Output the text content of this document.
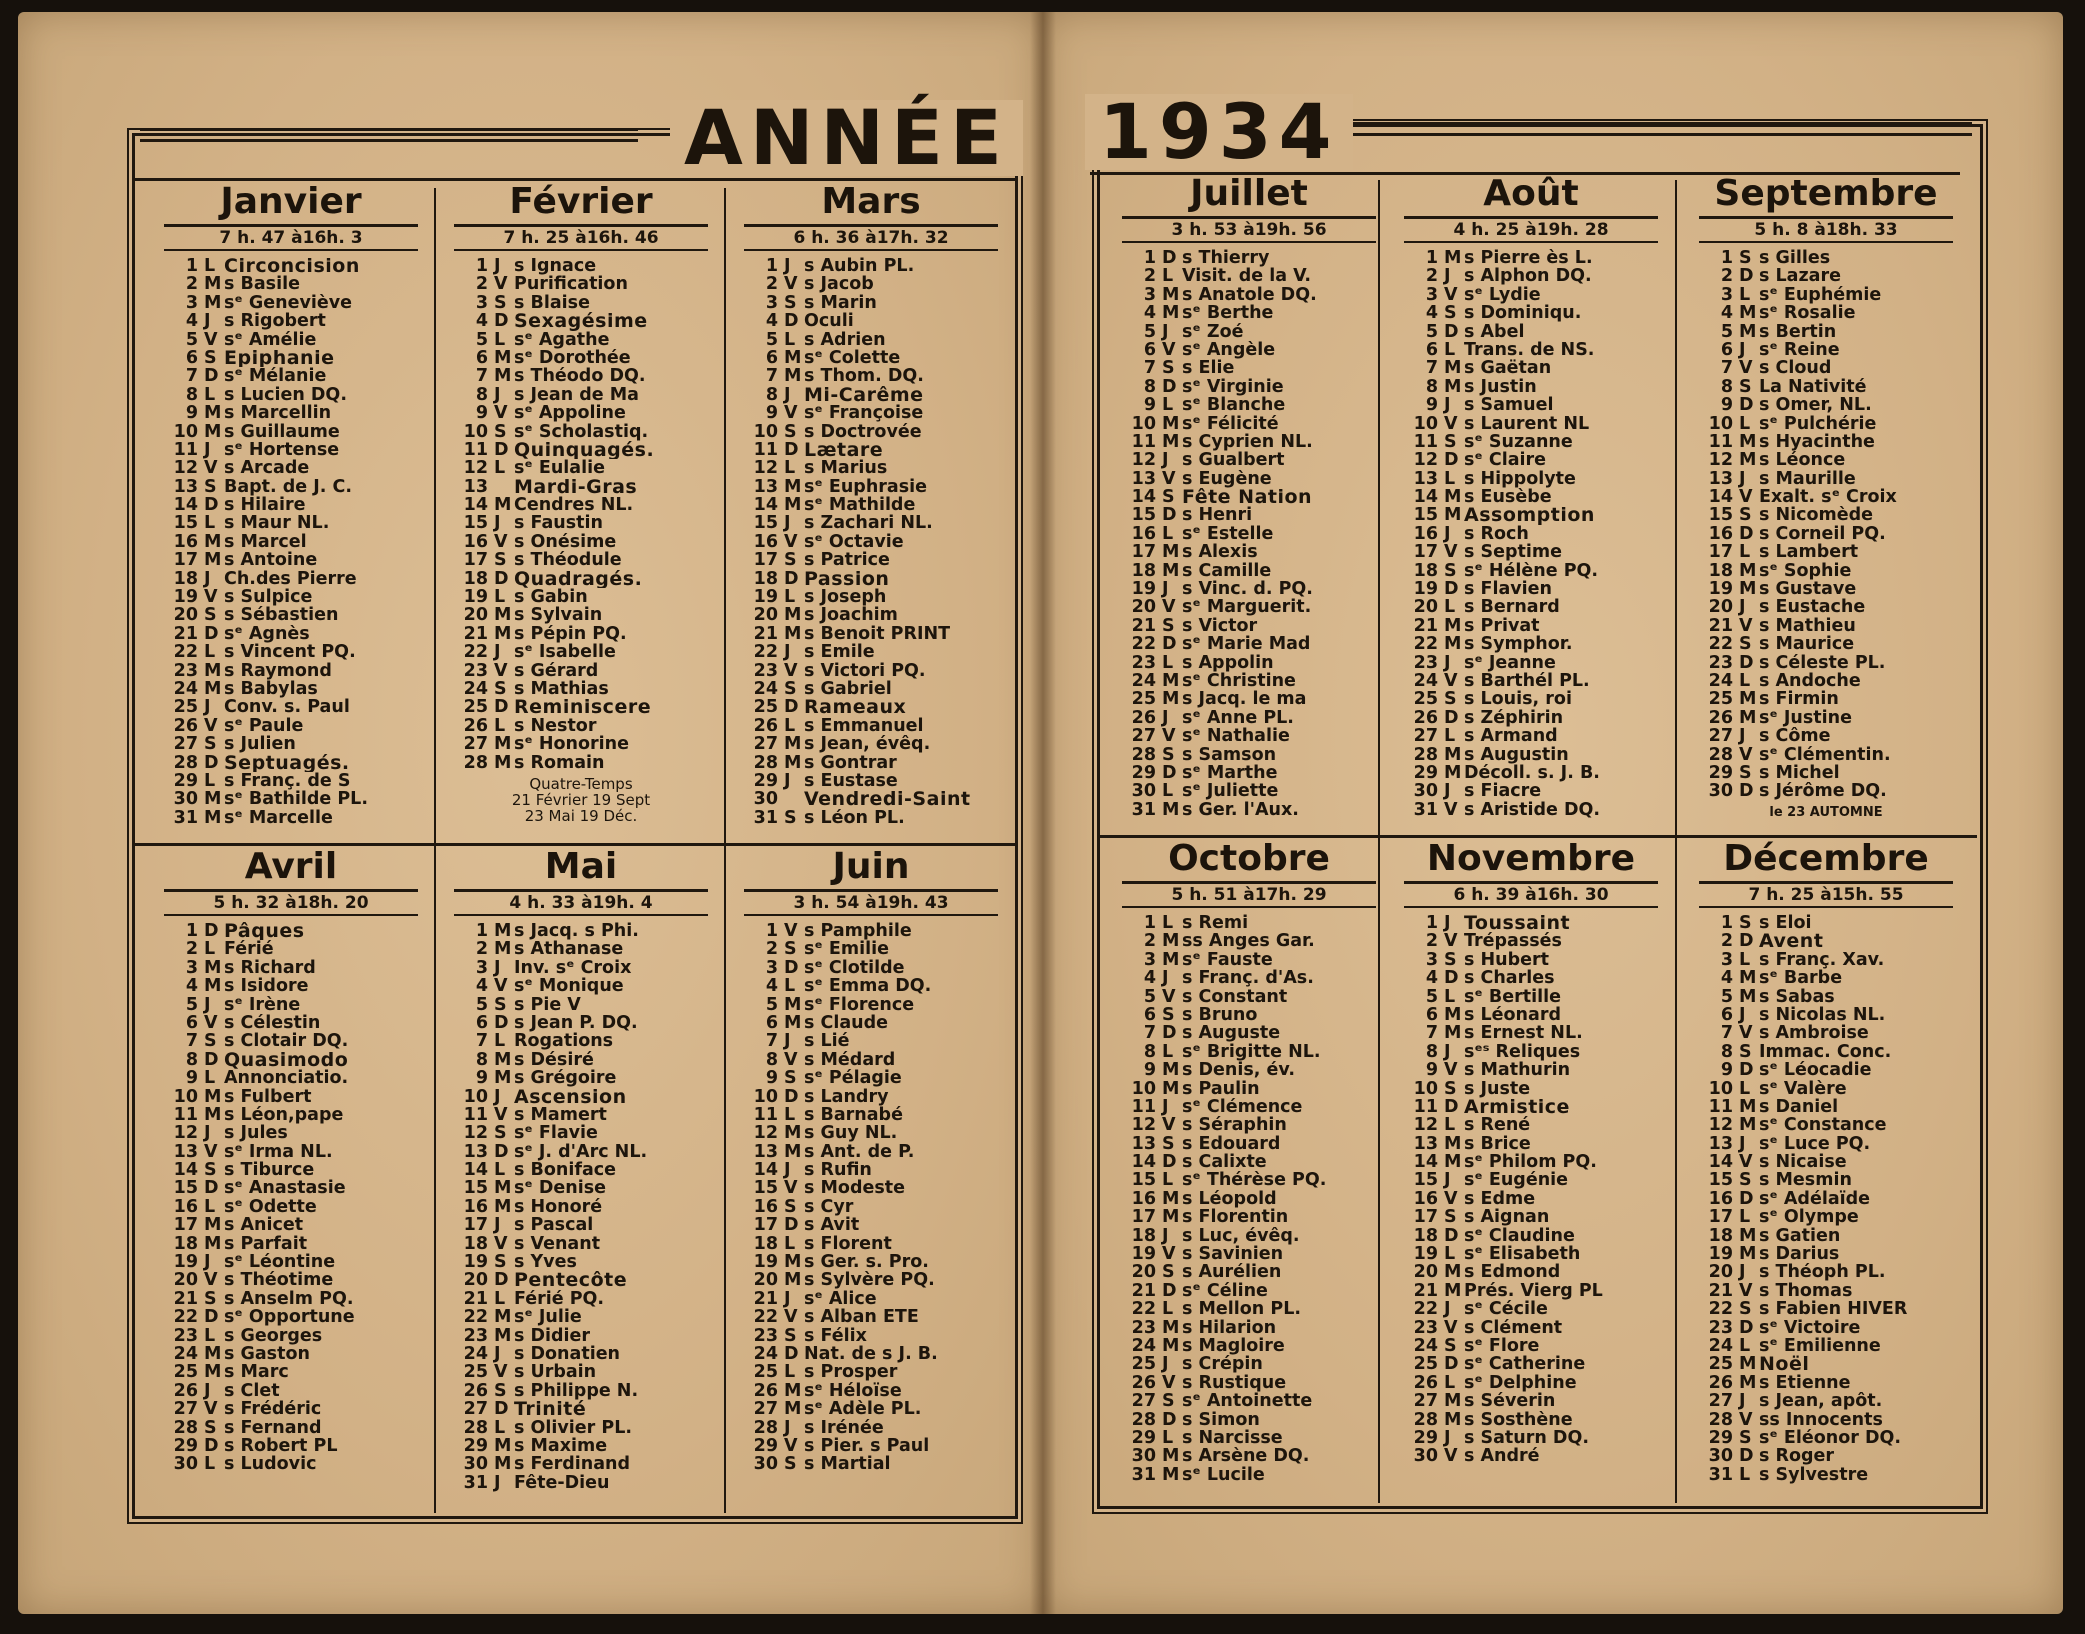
ANNÉE 1934
Janvier
7 h. 47 à16h. 3
1 L Circoncision
2 M s Basile
3 M sᵉ Geneviève
4 J s Rigobert
5 V sᵉ Amélie
6 S Epiphanie
7 D sᵉ Mélanie
8 L s Lucien DQ.
9 M s Marcellin
10 M s Guillaume
11 J sᵉ Hortense
12 V s Arcade
13 S Bapt. de J. C.
14 D s Hilaire
15 L s Maur NL.
16 M s Marcel
17 M s Antoine
18 J Ch.des Pierre
19 V s Sulpice
20 S s Sébastien
21 D sᵉ Agnès
22 L s Vincent PQ.
23 M s Raymond
24 M s Babylas
25 J Conv. s. Paul
26 V sᵉ Paule
27 S s Julien
28 D Septuagés.
29 L s Franç. de S
30 M sᵉ Bathilde PL.
31 M sᵉ Marcelle
Février
7 h. 25 à16h. 46
1 J s Ignace
2 V Purification
3 S s Blaise
4 D Sexagésime
5 L sᵉ Agathe
6 M sᵉ Dorothée
7 M s Théodo DQ.
8 J s Jean de Ma
9 V sᵉ Appoline
10 S sᵉ Scholastiq.
11 D Quinquagés.
12 L sᵉ Eulalie
13	Mardi-Gras
14 M Cendres NL.
15 J s Faustin
16 V s Onésime
17 S s Théodule
18 D Quadragés.
19 L s Gabin
20 M s Sylvain
21 M s Pépin PQ.
22 J sᵉ Isabelle
23 V s Gérard
24 S s Mathias
25 D Reminiscere
26 L s Nestor
27 M sᵉ Honorine
28 M s Romain
Quatre-Temps
21 Février 19 Sept
23 Mai 19 Déc.
Mars
6 h. 36 à17h. 32
1 J s Aubin PL.
2 V s Jacob
3 S s Marin
4 D Oculi
5 L s Adrien
6 M sᵉ Colette
7 M s Thom. DQ.
8 J Mi-Carême
9 V sᵉ Françoise
10 S s Doctrovée
11 D Lætare
12 L s Marius
13 M sᵉ Euphrasie
14 M sᵉ Mathilde
15 J s Zachari NL.
16 V sᵉ Octavie
17 S s Patrice
18 D Passion
19 L s Joseph
20 M s Joachim
21 M s Benoit PRINT
22 J s Emile
23 V s Victori PQ.
24 S s Gabriel
25 D Rameaux
26 L s Emmanuel
27 M s Jean, évêq.
28 M s Gontrar
29 J s Eustase
30	Vendredi-Saint
31 S s Léon PL.
Avril
5 h. 32 à18h. 20
1 D Pâques
2 L Férié
3 M s Richard
4 M s Isidore
5 J sᵉ Irène
6 V s Célestin
7 S s Clotair DQ.
8 D Quasimodo
9 L Annonciatio.
10 M s Fulbert
11 M s Léon,pape
12 J s Jules
13 V sᵉ Irma NL.
14 S s Tiburce
15 D sᵉ Anastasie
16 L sᵉ Odette
17 M s Anicet
18 M s Parfait
19 J sᵉ Léontine
20 V s Théotime
21 S s Anselm PQ.
22 D sᵉ Opportune
23 L s Georges
24 M s Gaston
25 M s Marc
26 J s Clet
27 V s Frédéric
28 S s Fernand
29 D s Robert PL
30 L s Ludovic
Mai
4 h. 33 à19h. 4
1 M s Jacq. s Phi.
2 M s Athanase
3 J Inv. sᵉ Croix
4 V sᵉ Monique
5 S s Pie V
6 D s Jean P. DQ.
7 L Rogations
8 M s Désiré
9 M s Grégoire
10 J Ascension
11 V s Mamert
12 S sᵉ Flavie
13 D sᵉ J. d'Arc NL.
14 L s Boniface
15 M sᵉ Denise
16 M s Honoré
17 J s Pascal
18 V s Venant
19 S s Yves
20 D Pentecôte
21 L Férié PQ.
22 M sᵉ Julie
23 M s Didier
24 J s Donatien
25 V s Urbain
26 S s Philippe N.
27 D Trinité
28 L s Olivier PL.
29 M s Maxime
30 M s Ferdinand
31 J Fête-Dieu
Juin
3 h. 54 à19h. 43
1 V s Pamphile
2 S sᵉ Emilie
3 D sᵉ Clotilde
4 L sᵉ Emma DQ.
5 M sᵉ Florence
6 M s Claude
7 J s Lié
8 V s Médard
9 S sᵉ Pélagie
10 D s Landry
11 L s Barnabé
12 M s Guy NL.
13 M s Ant. de P.
14 J s Rufin
15 V s Modeste
16 S s Cyr
17 D s Avit
18 L s Florent
19 M s Ger. s. Pro.
20 M s Sylvère PQ.
21 J sᵉ Alice
22 V s Alban ÉTÉ
23 S s Félix
24 D Nat. de s J. B.
25 L s Prosper
26 M sᵉ Héloïse
27 M sᵉ Adèle PL.
28 J s Irénée
29 V s Pier. s Paul
30 S s Martial
Juillet
3 h. 53 à19h. 56
1 D s Thierry
2 L Visit. de la V.
3 M s Anatole DQ.
4 M sᵉ Berthe
5 J sᵉ Zoé
6 V sᵉ Angèle
7 S s Elie
8 D sᵉ Virginie
9 L sᵉ Blanche
10 M sᵉ Félicité
11 M s Cyprien NL.
12 J s Gualbert
13 V s Eugène
14 S Fête Nation
15 D s Henri
16 L sᵉ Estelle
17 M s Alexis
18 M s Camille
19 J s Vinc. d. PQ.
20 V sᵉ Marguerit.
21 S s Victor
22 D sᵉ Marie Mad
23 L s Appolin
24 M sᵉ Christine
25 M s Jacq. le ma
26 J sᵉ Anne PL.
27 V sᵉ Nathalie
28 S s Samson
29 D sᵉ Marthe
30 L sᵉ Juliette
31 M s Ger. l'Aux.
Août
4 h. 25 à19h. 28
1 M s Pierre ès L.
2 J s Alphon DQ.
3 V sᵉ Lydie
4 S s Dominiqu.
5 D s Abel
6 L Trans. de NS.
7 M s Gaëtan
8 M s Justin
9 J s Samuel
10 V s Laurent NL
11 S sᵉ Suzanne
12 D sᵉ Claire
13 L s Hippolyte
14 M s Eusèbe
15 M Assomption
16 J s Roch
17 V s Septime
18 S sᵉ Hélène PQ.
19 D s Flavien
20 L s Bernard
21 M s Privat
22 M s Symphor.
23 J sᵉ Jeanne
24 V s Barthél PL.
25 S s Louis, roi
26 D s Zéphirin
27 L s Armand
28 M s Augustin
29 M Décoll. s. J. B.
30 J s Fiacre
31 V s Aristide DQ.
Septembre
5 h. 8 à18h. 33
1 S s Gilles
2 D s Lazare
3 L sᵉ Euphémie
4 M sᵉ Rosalie
5 M s Bertin
6 J sᵉ Reine
7 V s Cloud
8 S La Nativité
9 D s Omer, NL.
10 L sᵉ Pulchérie
11 M s Hyacinthe
12 M s Léonce
13 J s Maurille
14 V Exalt. sᵉ Croix
15 S s Nicomède
16 D s Corneil PQ.
17 L s Lambert
18 M sᵉ Sophie
19 M s Gustave
20 J s Eustache
21 V s Mathieu
22 S s Maurice
23 D s Céleste PL.
24 L s Andoche
25 M s Firmin
26 M sᵉ Justine
27 J s Côme
28 V sᵉ Clémentin.
29 S s Michel
30 D s Jérôme DQ.
le 23 AUTOMNE
Octobre
5 h. 51 à17h. 29
1 L s Remi
2 M ss Anges Gar.
3 M sᵉ Fauste
4 J s Franç. d'As.
5 V s Constant
6 S s Bruno
7 D s Auguste
8 L sᵉ Brigitte NL.
9 M s Denis, év.
10 M s Paulin
11 J sᵉ Clémence
12 V s Séraphin
13 S s Edouard
14 D s Calixte
15 L sᵉ Thérèse PQ.
16 M s Léopold
17 M s Florentin
18 J s Luc, évêq.
19 V s Savinien
20 S s Aurélien
21 D sᵉ Céline
22 L s Mellon PL.
23 M s Hilarion
24 M s Magloire
25 J s Crépin
26 V s Rustique
27 S sᵉ Antoinette
28 D s Simon
29 L s Narcisse
30 M s Arsène DQ.
31 M sᵉ Lucile
Novembre
6 h. 39 à16h. 30
1 J Toussaint
2 V Trépassés
3 S s Hubert
4 D s Charles
5 L sᵉ Bertille
6 M s Léonard
7 M s Ernest NL.
8 J sᵉˢ Reliques
9 V s Mathurin
10 S s Juste
11 D Armistice
12 L s René
13 M s Brice
14 M sᵉ Philom PQ.
15 J sᵉ Eugénie
16 V s Edme
17 S s Aignan
18 D sᵉ Claudine
19 L sᵉ Elisabeth
20 M s Edmond
21 M Prés. Vierg PL
22 J sᵉ Cécile
23 V s Clément
24 S sᵉ Flore
25 D sᵉ Catherine
26 L sᵉ Delphine
27 M s Séverin
28 M s Sosthène
29 J s Saturn DQ.
30 V s André
Décembre
7 h. 25 à15h. 55
1 S s Eloi
2 D Avent
3 L s Franç. Xav.
4 M sᵉ Barbe
5 M s Sabas
6 J s Nicolas NL.
7 V s Ambroise
8 S Immac. Conc.
9 D sᵉ Léocadie
10 L sᵉ Valère
11 M s Daniel
12 M sᵉ Constance
13 J sᵉ Luce PQ.
14 V s Nicaise
15 S s Mesmin
16 D sᵉ Adélaïde
17 L sᵉ Olympe
18 M s Gatien
19 M s Darius
20 J s Théoph PL.
21 V s Thomas
22 S s Fabien HIVER
23 D sᵉ Victoire
24 L sᵉ Emilienne
25 M Noël
26 M s Etienne
27 J s Jean, apôt.
28 V ss Innocents
29 S sᵉ Eléonor DQ.
30 D s Roger
31 L s Sylvestre
